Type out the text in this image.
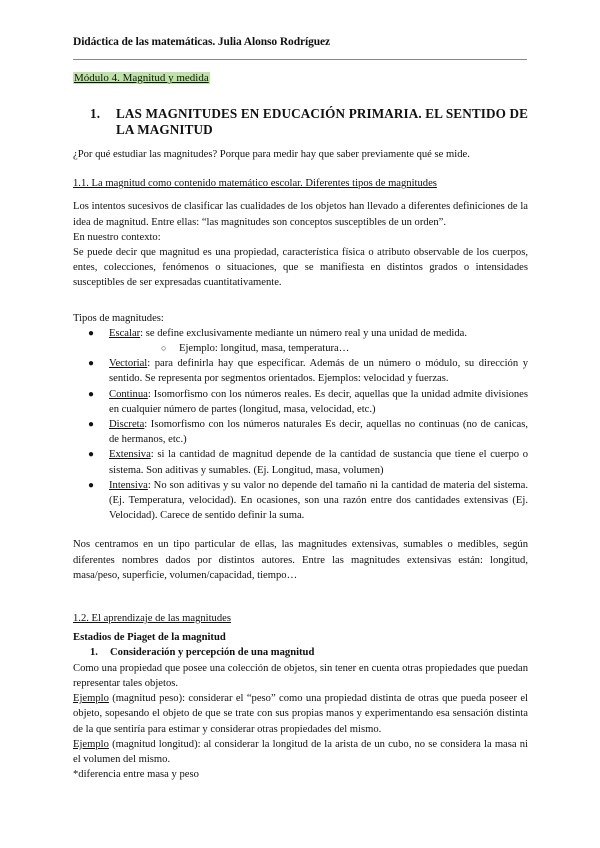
Didáctica de las matemáticas. Julia Alonso Rodríguez
Módulo 4. Magnitud y medida
1.	LAS MAGNITUDES EN EDUCACIÓN PRIMARIA. EL SENTIDO DE LA MAGNITUD

¿Por qué estudiar las magnitudes? Porque para medir hay que saber previamente qué se mide.

1.1. La magnitud como contenido matemático escolar. Diferentes tipos de magnitudes

Los intentos sucesivos de clasificar las cualidades de los objetos han llevado a diferentes definiciones de la idea de magnitud. Entre ellas: “las magnitudes son conceptos susceptibles de un orden”.

En nuestro contexto:

Se puede decir que magnitud es una propiedad, característica física o atributo observable de los cuerpos, entes, colecciones, fenómenos o situaciones, que se manifiesta en distintos grados o intensidades susceptibles de ser expresadas cuantitativamente.

Tipos de magnitudes:

● Escalar: se define exclusivamente mediante un número real y una unidad de medida.
○ Ejemplo: longitud, masa, temperatura…
● Vectorial: para definirla hay que especificar. Además de un número o módulo, su dirección y sentido. Se representa por segmentos orientados. Ejemplos: velocidad y fuerzas.
● Continua: Isomorfismo con los números reales. Es decir, aquellas que la unidad admite divisiones en cualquier número de partes (longitud, masa, velocidad, etc.)
● Discreta: Isomorfismo con los números naturales Es decir, aquellas no continuas (no de canicas, de hermanos, etc.)
● Extensiva: si la cantidad de magnitud depende de la cantidad de sustancia que tiene el cuerpo o sistema. Son aditivas y sumables. (Ej. Longitud, masa, volumen)
● Intensiva: No son aditivas y su valor no depende del tamaño ni la cantidad de materia del sistema. (Ej. Temperatura, velocidad). En ocasiones, son una razón entre dos cantidades extensivas (Ej. Velocidad). Carece de sentido definir la suma.

Nos centramos en un tipo particular de ellas, las magnitudes extensivas, sumables o medibles, según diferentes nombres dados por distintos autores. Entre las magnitudes extensivas están: longitud, masa/peso, superficie, volumen/capacidad, tiempo…

1.2. El aprendizaje de las magnitudes

Estadios de Piaget de la magnitud

1.	Consideración y percepción de una magnitud

Como una propiedad que posee una colección de objetos, sin tener en cuenta otras propiedades que puedan representar tales objetos.

Ejemplo (magnitud peso): considerar el “peso” como una propiedad distinta de otras que pueda poseer el objeto, sopesando el objeto de que se trate con sus propias manos y experimentando esa sensación distinta de la que sentiría para estimar y considerar otras propiedades del mismo.

Ejemplo (magnitud longitud): al considerar la longitud de la arista de un cubo, no se considera la masa ni el volumen del mismo.

*diferencia entre masa y peso
